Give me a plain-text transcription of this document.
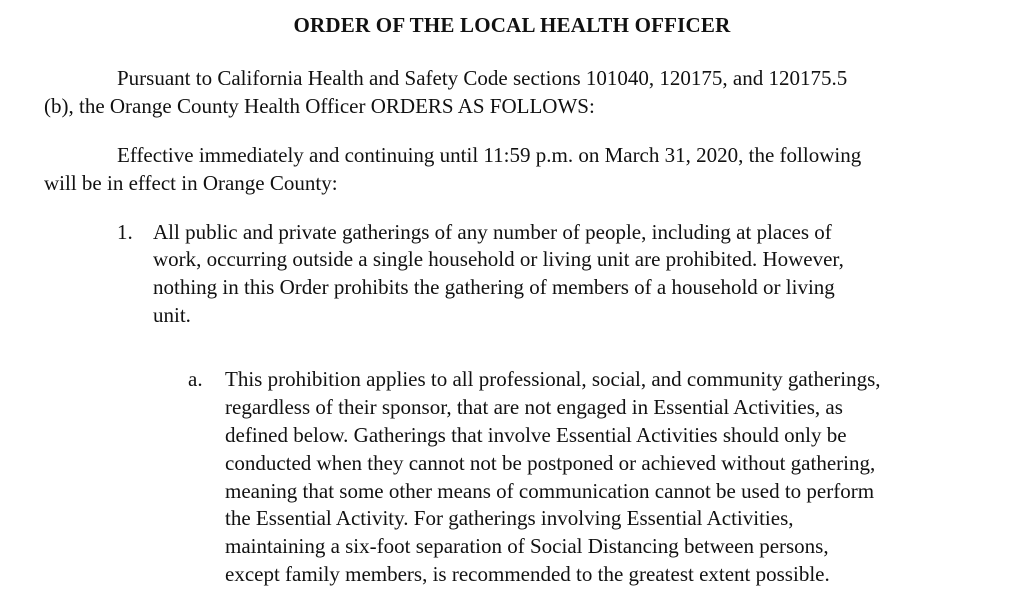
ORDER OF THE LOCAL HEALTH OFFICER
Pursuant to California Health and Safety Code sections 101040, 120175, and 120175.5
(b), the Orange County Health Officer ORDERS AS FOLLOWS:
Effective immediately and continuing until 11:59 p.m. on March 31, 2020, the following
will be in effect in Orange County:
1. All public and private gatherings of any number of people, including at places of
work, occurring outside a single household or living unit are prohibited. However,
nothing in this Order prohibits the gathering of members of a household or living
unit.
a. This prohibition applies to all professional, social, and community gatherings,
regardless of their sponsor, that are not engaged in Essential Activities, as
defined below. Gatherings that involve Essential Activities should only be
conducted when they cannot not be postponed or achieved without gathering,
meaning that some other means of communication cannot be used to perform
the Essential Activity. For gatherings involving Essential Activities,
maintaining a six-foot separation of Social Distancing between persons,
except family members, is recommended to the greatest extent possible.
